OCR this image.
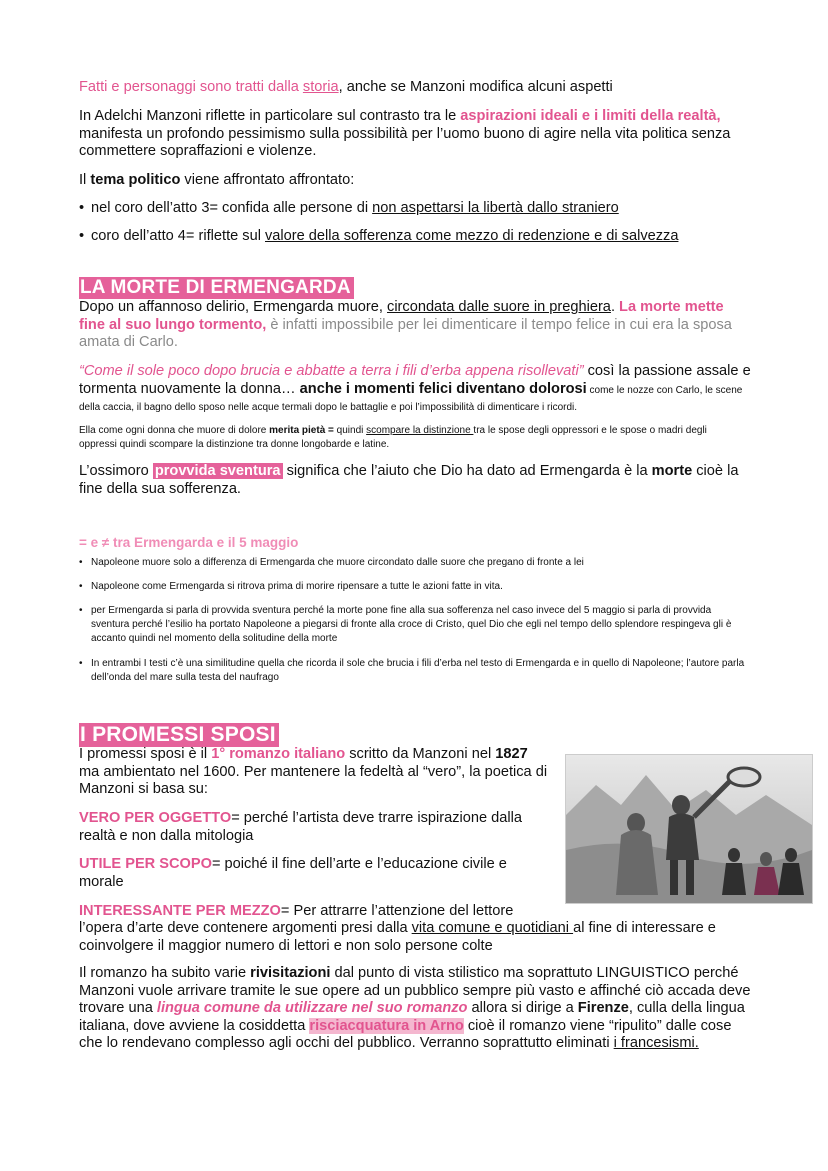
Fatti e personaggi sono tratti dalla storia, anche se Manzoni modifica alcuni aspetti
In Adelchi Manzoni riflette in particolare sul contrasto tra le aspirazioni ideali e i limiti della realtà, manifesta un profondo pessimismo sulla possibilità per l’uomo buono di agire nella vita politica senza commettere sopraffazioni e violenze.
Il tema politico viene affrontato affrontato:
• nel coro dell’atto 3= confida alle persone di non aspettarsi la libertà dallo straniero
• coro dell’atto 4= riflette sul valore della sofferenza come mezzo di redenzione e di salvezza
LA MORTE DI ERMENGARDA
Dopo un affannoso delirio, Ermengarda muore, circondata dalle suore in preghiera. La morte mette fine al suo lungo tormento, è infatti impossibile per lei dimenticare il tempo felice in cui era la sposa amata di Carlo.
“Come il sole poco dopo brucia e abbatte a terra i fili d’erba appena risollevati” così la passione assale e tormenta nuovamente la donna… anche i momenti felici diventano dolorosi come le nozze con Carlo, le scene della caccia, il bagno dello sposo nelle acque termali dopo le battaglie e poi l’impossibilità di dimenticare i ricordi.
Ella come ogni donna che muore di dolore merita pietà = quindi scompare la distinzione tra le spose degli oppressori e le spose o madri degli oppressi quindi scompare la distinzione tra donne longobarde e latine.
L’ossimoro provvida sventura significa che l’aiuto che Dio ha dato ad Ermengarda è la morte cioè la fine della sua sofferenza.
= e ≠ tra Ermengarda e il 5 maggio
• Napoleone muore solo a differenza di Ermengarda che muore circondato dalle suore che pregano di fronte a lei
• Napoleone come Ermengarda si ritrova prima di morire ripensare a tutte le azioni fatte in vita.
• per Ermengarda si parla di provvida sventura perché la morte pone fine alla sua sofferenza nel caso invece del 5 maggio si parla di provvida sventura perché l’esilio ha portato Napoleone a piegarsi di fronte alla croce di Cristo, quel Dio che egli nel tempo dello splendore respingeva gli è accanto quindi nel momento della solitudine della morte
• In entrambi I testi c’è una similitudine quella che ricorda il sole che brucia i fili d’erba nel testo di Ermengarda e in quello di Napoleone; l’autore parla dell’onda del mare sulla testa del naufrago
I PROMESSI SPOSI
I promessi sposi è il 1° romanzo italiano scritto da Manzoni nel 1827 ma ambientato nel 1600. Per mantenere la fedeltà al “vero”, la poetica di Manzoni si basa su:
VERO PER OGGETTO= perché l’artista deve trarre ispirazione dalla realtà e non dalla mitologia
UTILE PER SCOPO= poiché il fine dell’arte e l’educazione civile e morale
INTERESSANTE PER MEZZO= Per attrarre l’attenzione del lettore
l’opera d’arte deve contenere argomenti presi dalla vita comune e quotidiani al fine di interessare e coinvolgere il maggior numero di lettori e non solo persone colte
Il romanzo ha subito varie rivisitazioni dal punto di vista stilistico ma soprattuto LINGUISTICO perché Manzoni vuole arrivare tramite le sue opere ad un pubblico sempre più vasto e affinché ciò accada deve trovare una lingua comune da utilizzare nel suo romanzo allora si dirige a Firenze, culla della lingua italiana, dove avviene la cosiddetta risciacquatura in Arno cioè il romanzo viene “ripulito” dalle cose che lo rendevano complesso agli occhi del pubblico. Verranno soprattutto eliminati i francesismi.
